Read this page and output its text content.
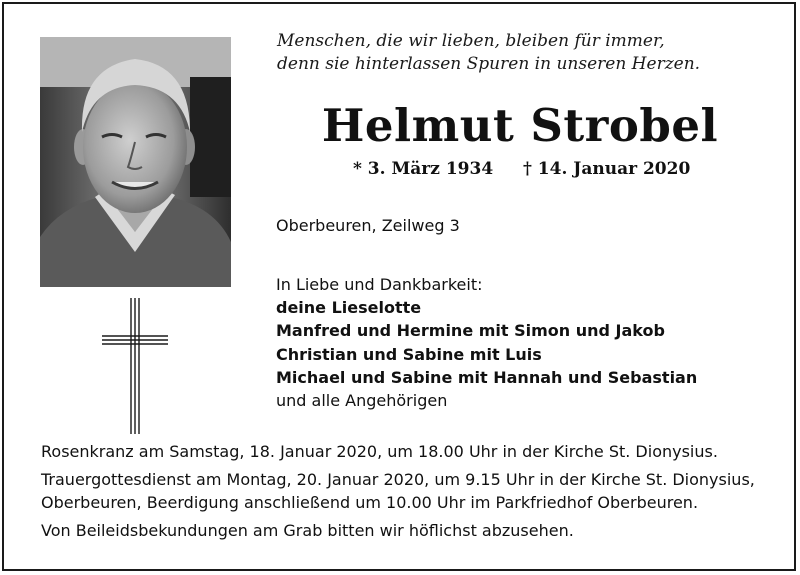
Menschen, die wir lieben, bleiben für immer,
denn sie hinterlassen Spuren in unseren Herzen.
Helmut Strobel
* 3. März 1934 † 14. Januar 2020
Oberbeuren, Zeilweg 3
In Liebe und Dankbarkeit:
deine Lieselotte
Manfred und Hermine mit Simon und Jakob
Christian und Sabine mit Luis
Michael und Sabine mit Hannah und Sebastian
und alle Angehörigen
Rosenkranz am Samstag, 18. Januar 2020, um 18.00 Uhr in der Kirche St. Dionysius.
Trauergottesdienst am Montag, 20. Januar 2020, um 9.15 Uhr in der Kirche St. Dionysius,
Oberbeuren, Beerdigung anschließend um 10.00 Uhr im Parkfriedhof Oberbeuren.
Von Beileidsbekundungen am Grab bitten wir höflichst abzusehen.
